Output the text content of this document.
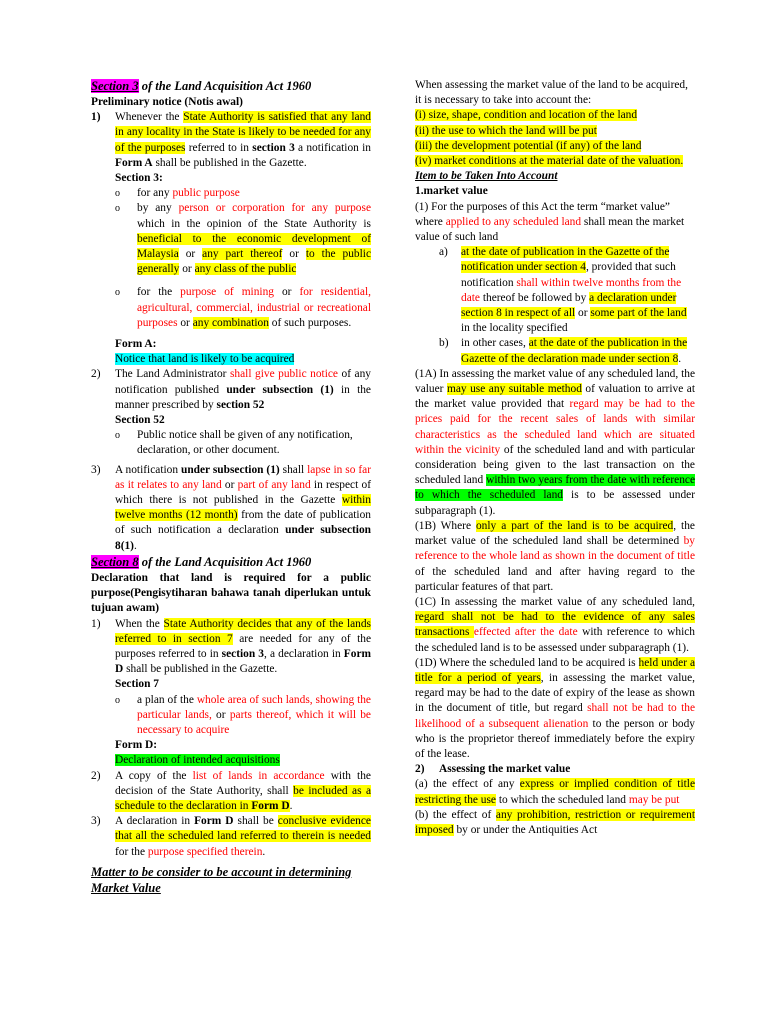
Section 3 of the Land Acquisition Act 1960
Preliminary notice (Notis awal)
1)	Whenever the State Authority is satisfied that any land in any locality in the State is likely to be needed for any of the purposes referred to in section 3 a notification in Form A shall be published in the Gazette.
Section 3:
o	for any public purpose
o	by any person or corporation for any purpose which in the opinion of the State Authority is beneficial to the economic development of Malaysia or any part thereof or to the public generally or any class of the public
o	for the purpose of mining or for residential, agricultural, commercial, industrial or recreational purposes or any combination of such purposes.
Form A:
Notice that land is likely to be acquired
2)	The Land Administrator shall give public notice of any notification published under subsection (1) in the manner prescribed by section 52
Section 52
o	Public notice shall be given of any notification, declaration, or other document.
3)	A notification under subsection (1) shall lapse in so far as it relates to any land or part of any land in respect of which there is not published in the Gazette within twelve months (12 month) from the date of publication of such notification a declaration under subsection 8(1).
Section 8 of the Land Acquisition Act 1960
Declaration that land is required for a public purpose(Pengisytiharan bahawa tanah diperlukan untuk tujuan awam)
1)	When the State Authority decides that any of the lands referred to in section 7 are needed for any of the purposes referred to in section 3, a declaration in Form D shall be published in the Gazette.
Section 7
o	a plan of the whole area of such lands, showing the particular lands, or parts thereof, which it will be necessary to acquire
Form D:
Declaration of intended acquisitions
2)	A copy of the list of lands in accordance with the decision of the State Authority, shall be included as a schedule to the declaration in Form D.
3)	A declaration in Form D shall be conclusive evidence that all the scheduled land referred to therein is needed for the purpose specified therein.
Matter to be consider to be account in determining Market Value
When assessing the market value of the land to be acquired, it is necessary to take into account the:
(i) size, shape, condition and location of the land
(ii) the use to which the land will be put
(iii) the development potential (if any) of the land
(iv) market conditions at the material date of the valuation.
Item to be Taken Into Account
1.market value
(1) For the purposes of this Act the term “market value” where applied to any scheduled land shall mean the market value of such land
a)	at the date of publication in the Gazette of the notification under section 4, provided that such notification shall within twelve months from the date thereof be followed by a declaration under section 8 in respect of all or some part of the land in the locality specified
b)	in other cases, at the date of the publication in the Gazette of the declaration made under section 8.
(1A) In assessing the market value of any scheduled land, the valuer may use any suitable method of valuation to arrive at the market value provided that regard may be had to the prices paid for the recent sales of lands with similar characteristics as the scheduled land which are situated within the vicinity of the scheduled land and with particular consideration being given to the last transaction on the scheduled land within two years from the date with reference to which the scheduled land is to be assessed under subparagraph (1).
(1B) Where only a part of the land is to be acquired, the market value of the scheduled land shall be determined by reference to the whole land as shown in the document of title of the scheduled land and after having regard to the particular features of that part.
(1C) In assessing the market value of any scheduled land, regard shall not be had to the evidence of any sales transactions effected after the date with reference to which the scheduled land is to be assessed under subparagraph (1).
(1D) Where the scheduled land to be acquired is held under a title for a period of years, in assessing the market value, regard may be had to the date of expiry of the lease as shown in the document of title, but regard shall not be had to the likelihood of a subsequent alienation to the person or body who is the proprietor thereof immediately before the expiry of the lease.
2)	Assessing the market value
(a) the effect of any express or implied condition of title restricting the use to which the scheduled land may be put
(b) the effect of any prohibition, restriction or requirement imposed by or under the Antiquities Act
